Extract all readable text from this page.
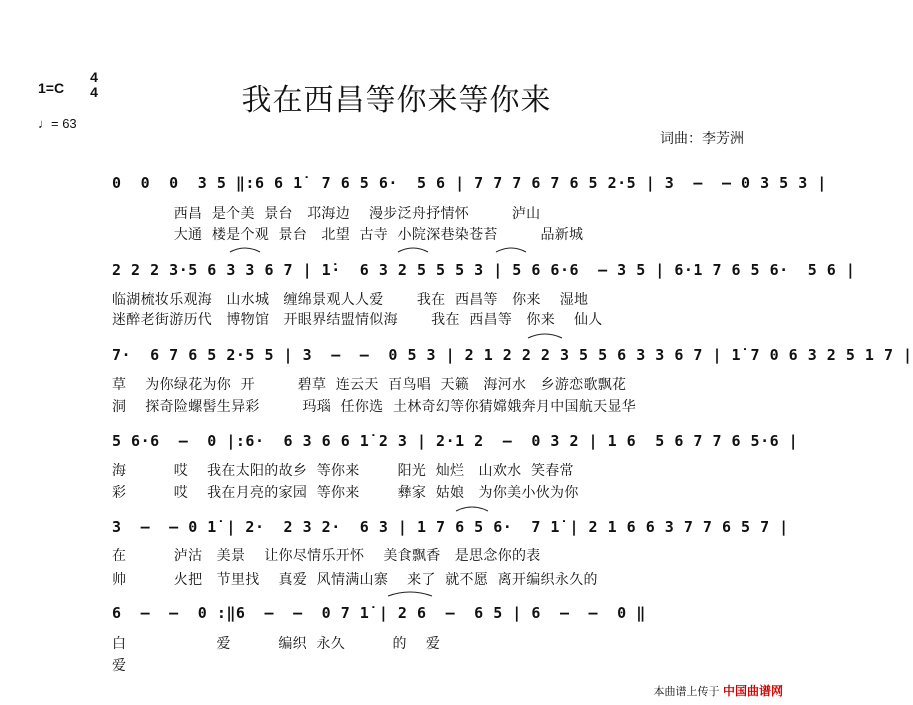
1=C
4
4
♩= 63
我在西昌等你来等你来
词曲：李芳洲
0  0  0  3 5 ‖:6 6 1̇  7 6 5 6·  5 6 | 7 7 7 6 7 6 5 2·5 | 3  –  – 0 3 5 3 |
西昌  是个美  景台   邛海边    漫步泛舟抒情怀         泸山
大通  楼是个观  景台   北望  古寺  小院深巷染苍苔         品新城
2 2 2 3·5 6 3 3 6 7 | 1̇·  6 3 2 5 5 5 3 | 5 6 6·6  – 3 5 | 6·1 7 6 5 6·  5 6 |
临湖梳妆乐观海   山水城   缠绵景观人人爱       我在  西昌等   你来    湿地
迷醉老街游历代   博物馆   开眼界结盟情似海       我在  西昌等   你来    仙人
7·  6 7 6 5 2·5 5 | 3  –  –  0 5 3 | 2 1 2 2 2 3 5 5 6 3 3 6 7 | 1̇ 7 0 6 3 2 5 1 7 |
草    为你绿花为你  开         碧草  连云天  百鸟唱  天籁   海河水   乡游恋歌飘花
洞    探奇险螺髻生异彩         玛瑙  任你选  土林奇幻等你猜嫦娥奔月中国航天显华
5 6·6  –  0 |:6·  6 3 6 6 1̇ 2 3 | 2·1 2  –  0 3 2 | 1 6  5 6 7 7 6 5·6 |
海          哎    我在太阳的故乡  等你来        阳光  灿烂   山欢水  笑春常
彩          哎    我在月亮的家园  等你来        彝家  姑娘   为你美小伙为你
3  –  – 0 1̇ | 2·  2 3 2·  6 3 | 1 7 6 5 6·  7 1̇ | 2 1 6 6 3 7 7 6 5 7 |
在          泸沽   美景    让你尽情乐开怀    美食飘香   是思念你的表
帅          火把   节里找    真爱  风情满山寨    来了  就不愿  离开编织永久的
6  –  –  0 :‖6  –  –  0 7 1̇ | 2 6  –  6 5 | 6  –  –  0 ‖
白                   爱          编织  永久          的    爱
爱
本曲谱上传于 中国曲谱网
